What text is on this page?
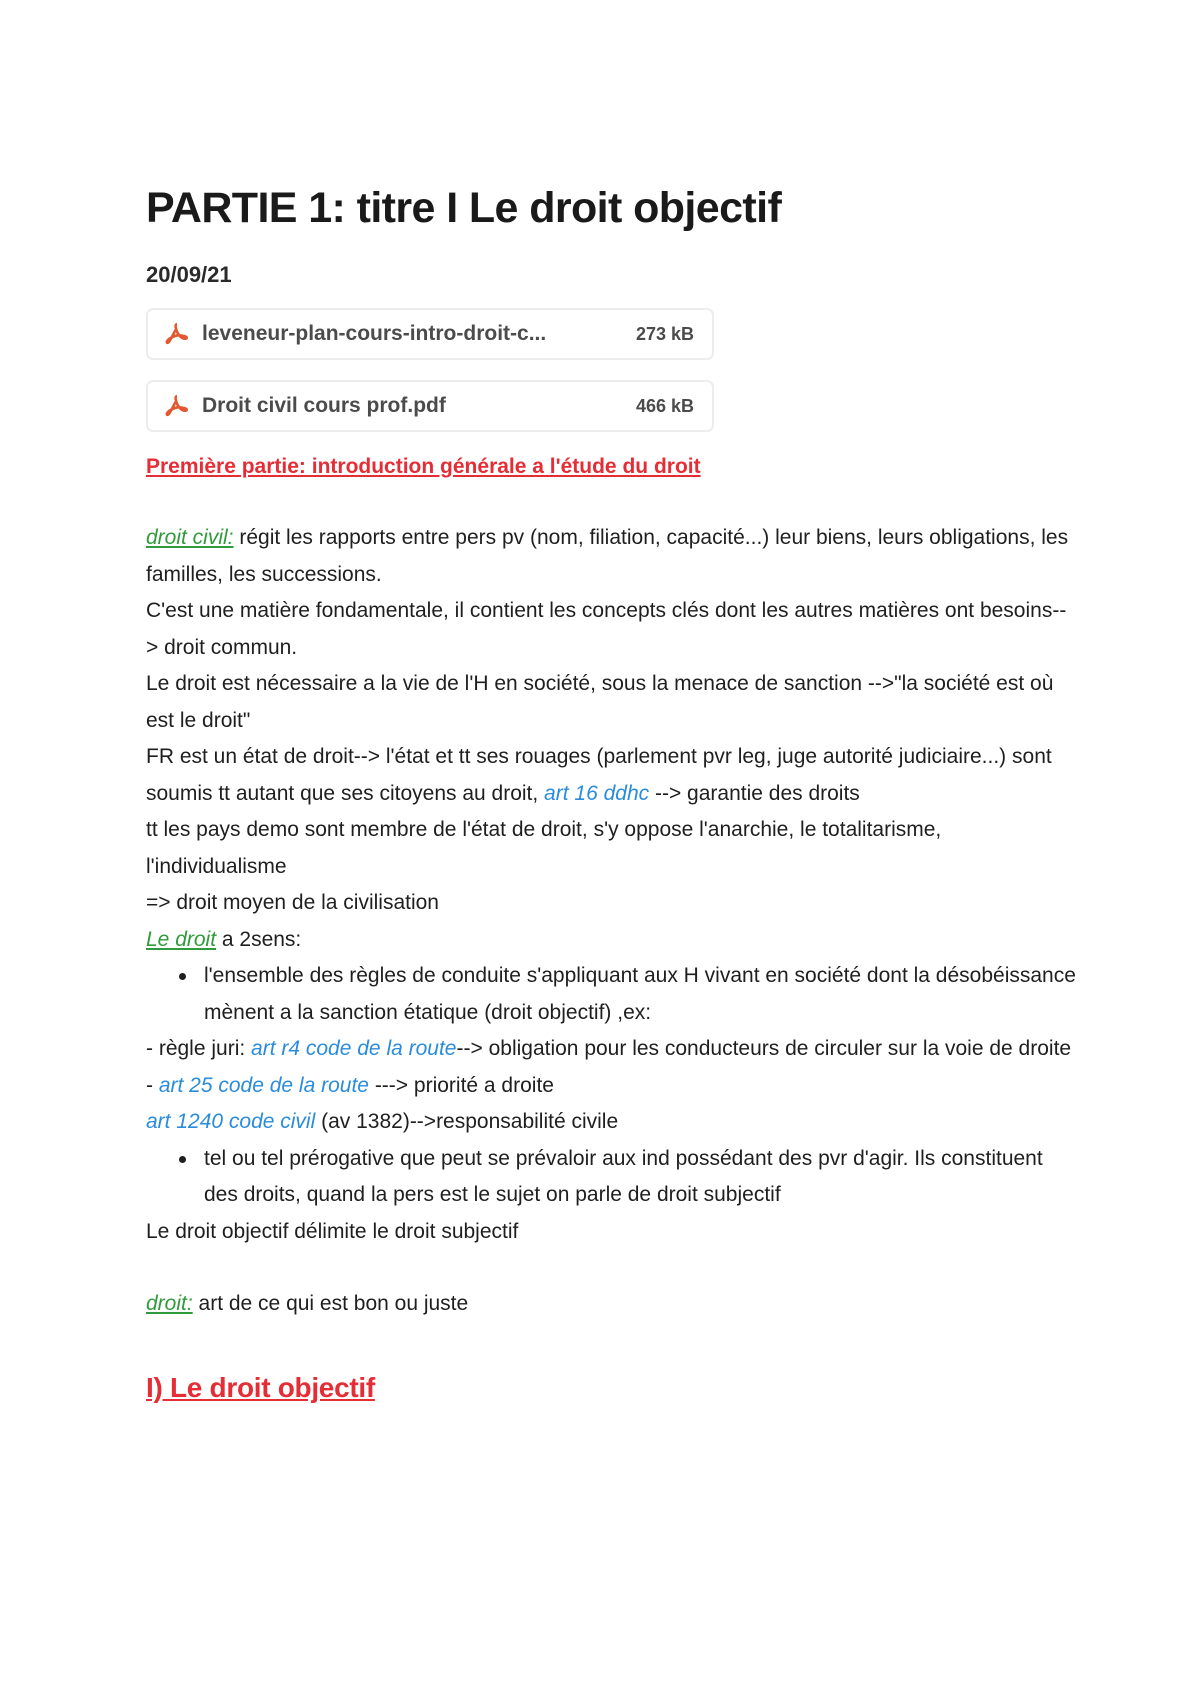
PARTIE 1: titre I Le droit objectif
20/09/21
leveneur-plan-cours-intro-droit-c...	273 kB
Droit civil cours prof.pdf	466 kB
Première partie: introduction générale a l'étude du droit
droit civil: régit les rapports entre pers pv (nom, filiation, capacité...) leur biens, leurs obligations, les familles, les successions.
C'est une matière fondamentale, il contient les concepts clés dont les autres matières ont besoins--> droit commun.
Le droit est nécessaire a la vie de l'H en société, sous la menace de sanction -->"la société est où est le droit"
FR est un état de droit--> l'état et tt ses rouages (parlement pvr leg, juge autorité judiciaire...) sont soumis tt autant que ses citoyens au droit, art 16 ddhc --> garantie des droits
tt les pays demo sont membre de l'état de droit, s'y oppose l'anarchie, le totalitarisme, l'individualisme
=> droit moyen de la civilisation
Le droit a 2sens:
l'ensemble des règles de conduite s'appliquant aux H vivant en société dont la désobéissance mènent a la sanction étatique (droit objectif) ,ex:
- règle juri: art r4 code de la route--> obligation pour les conducteurs de circuler sur la voie de droite
- art 25 code de la route ---> priorité a droite
art 1240 code civil (av 1382)-->responsabilité civile
tel ou tel prérogative que peut se prévaloir aux ind possédant des pvr d'agir. Ils constituent des droits, quand la pers est le sujet on parle de droit subjectif
Le droit objectif délimite le droit subjectif
droit: art de ce qui est bon ou juste
I) Le droit objectif
